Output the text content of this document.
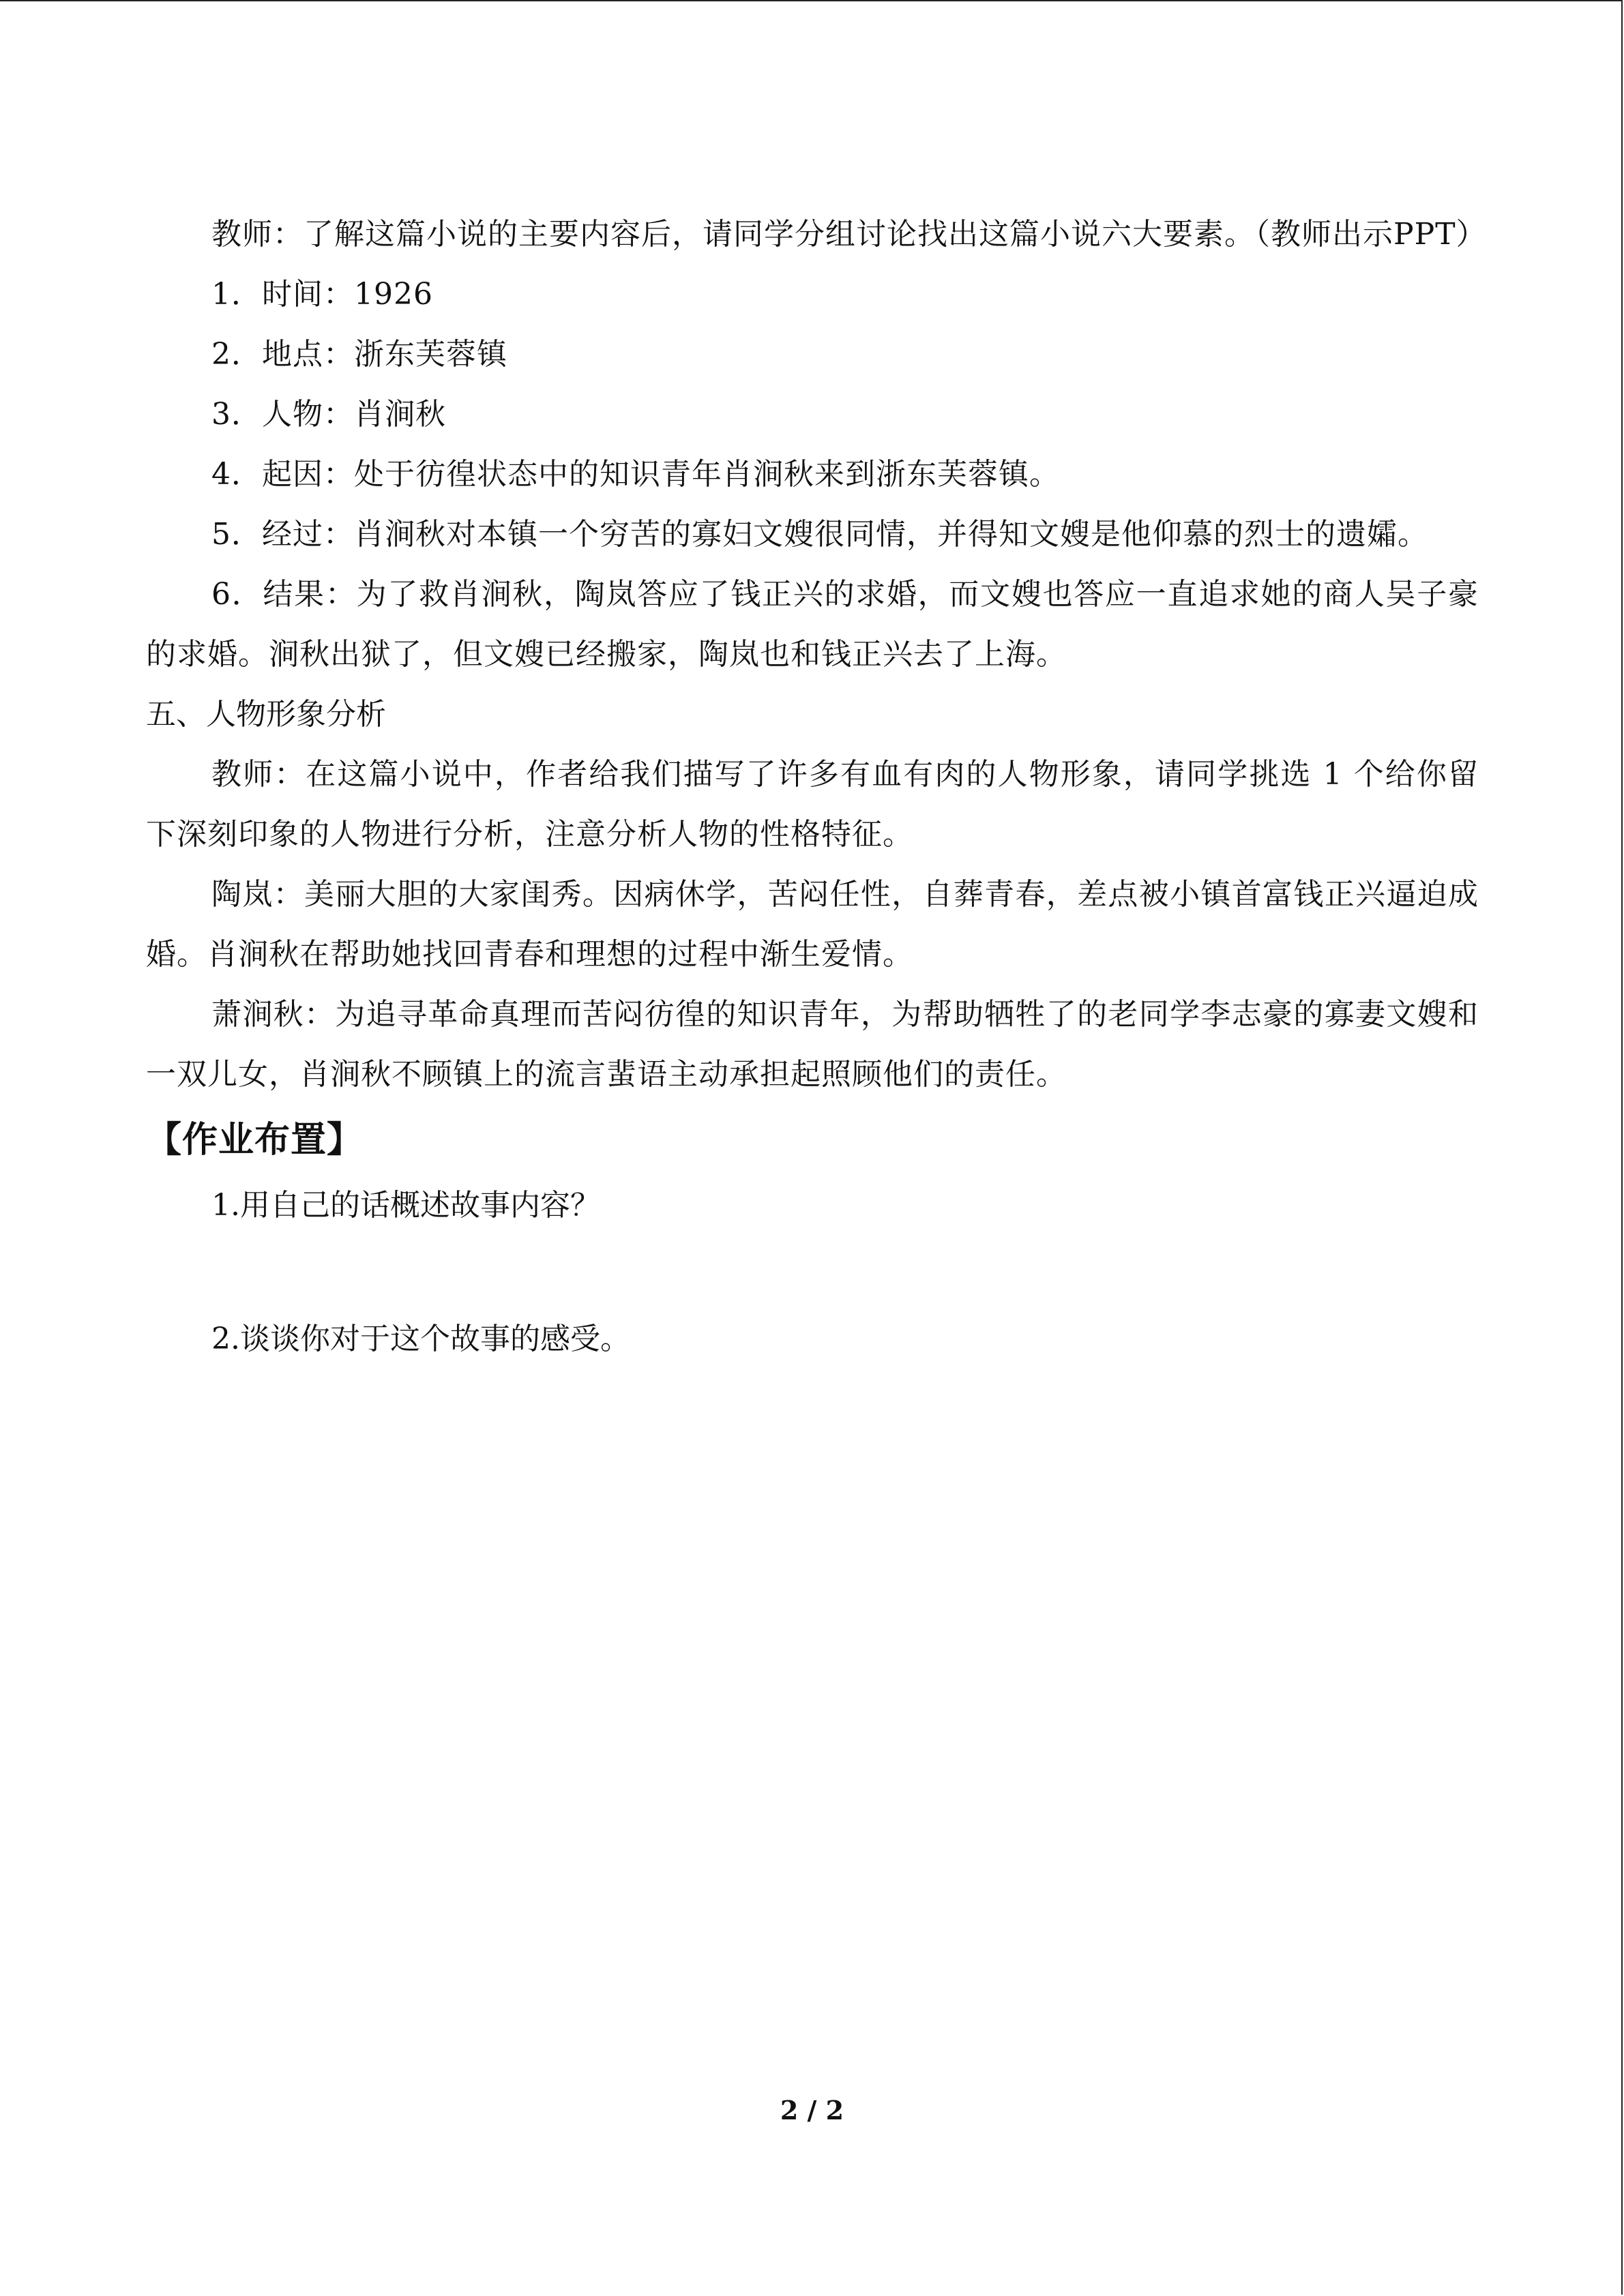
教师：了解这篇小说的主要内容后，请同学分组讨论找出这篇小说六大要素。（教师出示PPT）

1．时间：1926

2．地点：浙东芙蓉镇

3．人物：肖涧秋

4．起因：处于彷徨状态中的知识青年肖涧秋来到浙东芙蓉镇。

5．经过：肖涧秋对本镇一个穷苦的寡妇文嫂很同情，并得知文嫂是他仰慕的烈士的遗孀。

6．结果：为了救肖涧秋，陶岚答应了钱正兴的求婚，而文嫂也答应一直追求她的商人吴子豪的求婚。涧秋出狱了，但文嫂已经搬家，陶岚也和钱正兴去了上海。

五、人物形象分析

教师：在这篇小说中，作者给我们描写了许多有血有肉的人物形象，请同学挑选 1 个给你留下深刻印象的人物进行分析，注意分析人物的性格特征。

陶岚：美丽大胆的大家闺秀。因病休学，苦闷任性，自葬青春，差点被小镇首富钱正兴逼迫成婚。肖涧秋在帮助她找回青春和理想的过程中渐生爱情。

萧涧秋：为追寻革命真理而苦闷彷徨的知识青年，为帮助牺牲了的老同学李志豪的寡妻文嫂和一双儿女，肖涧秋不顾镇上的流言蜚语主动承担起照顾他们的责任。

【作业布置】

1.用自己的话概述故事内容？

2.谈谈你对于这个故事的感受。

2 / 2
